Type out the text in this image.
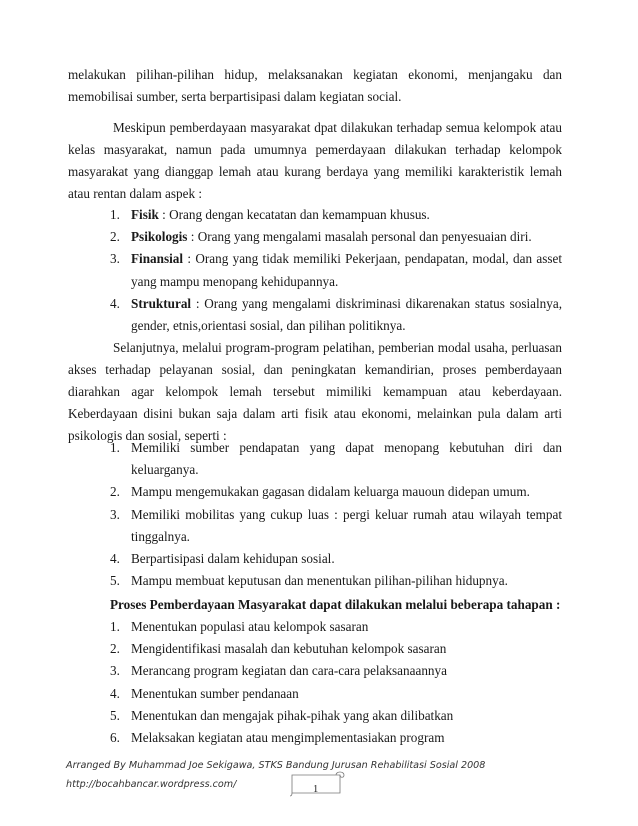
melakukan pilihan-pilihan hidup, melaksanakan kegiatan ekonomi, menjangaku dan memobilisai sumber, serta berpartisipasi dalam kegiatan social.

Meskipun pemberdayaan masyarakat dpat dilakukan terhadap semua kelompok atau kelas masyarakat, namun pada umumnya pemerdayaan dilakukan terhadap kelompok masyarakat yang dianggap lemah atau kurang berdaya yang memiliki karakteristik lemah atau rentan dalam aspek :

1. Fisik : Orang dengan kecatatan dan kemampuan khusus.
2. Psikologis : Orang yang mengalami masalah personal dan penyesuaian diri.
3. Finansial : Orang yang tidak memiliki Pekerjaan, pendapatan, modal, dan asset yang mampu menopang kehidupannya.
4. Struktural : Orang yang mengalami diskriminasi dikarenakan status sosialnya, gender, etnis,orientasi sosial, dan pilihan politiknya.

Selanjutnya, melalui program-program pelatihan, pemberian modal usaha, perluasan akses terhadap pelayanan sosial, dan peningkatan kemandirian, proses pemberdayaan diarahkan agar kelompok lemah tersebut mimiliki kemampuan atau keberdayaan. Keberdayaan disini bukan saja dalam arti fisik atau ekonomi, melainkan pula dalam arti psikologis dan sosial, seperti :

1. Memiliki sumber pendapatan yang dapat menopang kebutuhan diri dan keluarganya.
2. Mampu mengemukakan gagasan didalam keluarga mauoun didepan umum.
3. Memiliki mobilitas yang cukup luas : pergi keluar rumah atau wilayah tempat tinggalnya.
4. Berpartisipasi dalam kehidupan sosial.
5. Mampu membuat keputusan dan menentukan pilihan-pilihan hidupnya.

Proses Pemberdayaan Masyarakat dapat dilakukan melalui beberapa tahapan :

1. Menentukan populasi atau kelompok sasaran
2. Mengidentifikasi masalah dan kebutuhan kelompok sasaran
3. Merancang program kegiatan dan cara-cara pelaksanaannya
4. Menentukan sumber pendanaan
5. Menentukan dan mengajak pihak-pihak yang akan dilibatkan
6. Melaksakan kegiatan atau mengimplementasiakan program
Arranged By Muhammad Joe Sekigawa, STKS Bandung Jurusan Rehabilitasi Sosial 2008
http://bocahbancar.wordpress.com/	1
